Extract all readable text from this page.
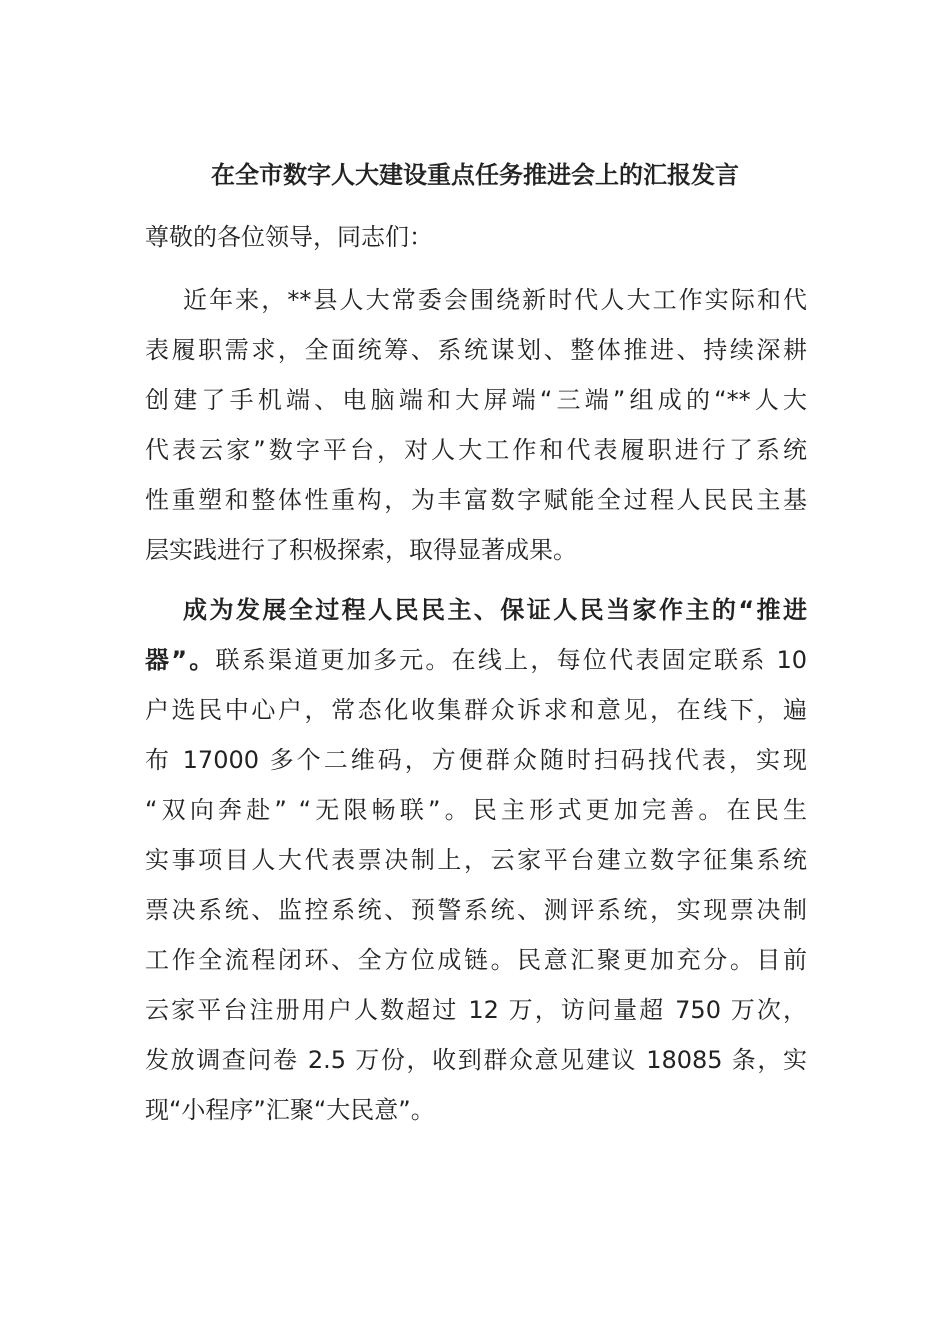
在全市数字人大建设重点任务推进会上的汇报发言
尊敬的各位领导，同志们：
近年来，**县人大常委会围绕新时代人大工作实际和代
表履职需求，全面统筹、系统谋划、整体推进、持续深耕
创建了手机端、电脑端和大屏端“三端”组成的“**人大
代表云家”数字平台，对人大工作和代表履职进行了系统
性重塑和整体性重构，为丰富数字赋能全过程人民民主基
层实践进行了积极探索，取得显著成果。
成为发展全过程人民民主、保证人民当家作主的“推进
器”。联系渠道更加多元。在线上，每位代表固定联系 10
户选民中心户，常态化收集群众诉求和意见，在线下，遍
布 17000 多个二维码，方便群众随时扫码找代表，实现
“双向奔赴” “无限畅联”。民主形式更加完善。在民生
实事项目人大代表票决制上，云家平台建立数字征集系统
票决系统、监控系统、预警系统、测评系统，实现票决制
工作全流程闭环、全方位成链。民意汇聚更加充分。目前
云家平台注册用户人数超过 12 万，访问量超 750 万次，
发放调查问卷 2.5 万份，收到群众意见建议 18085 条，实
现“小程序”汇聚“大民意”。
